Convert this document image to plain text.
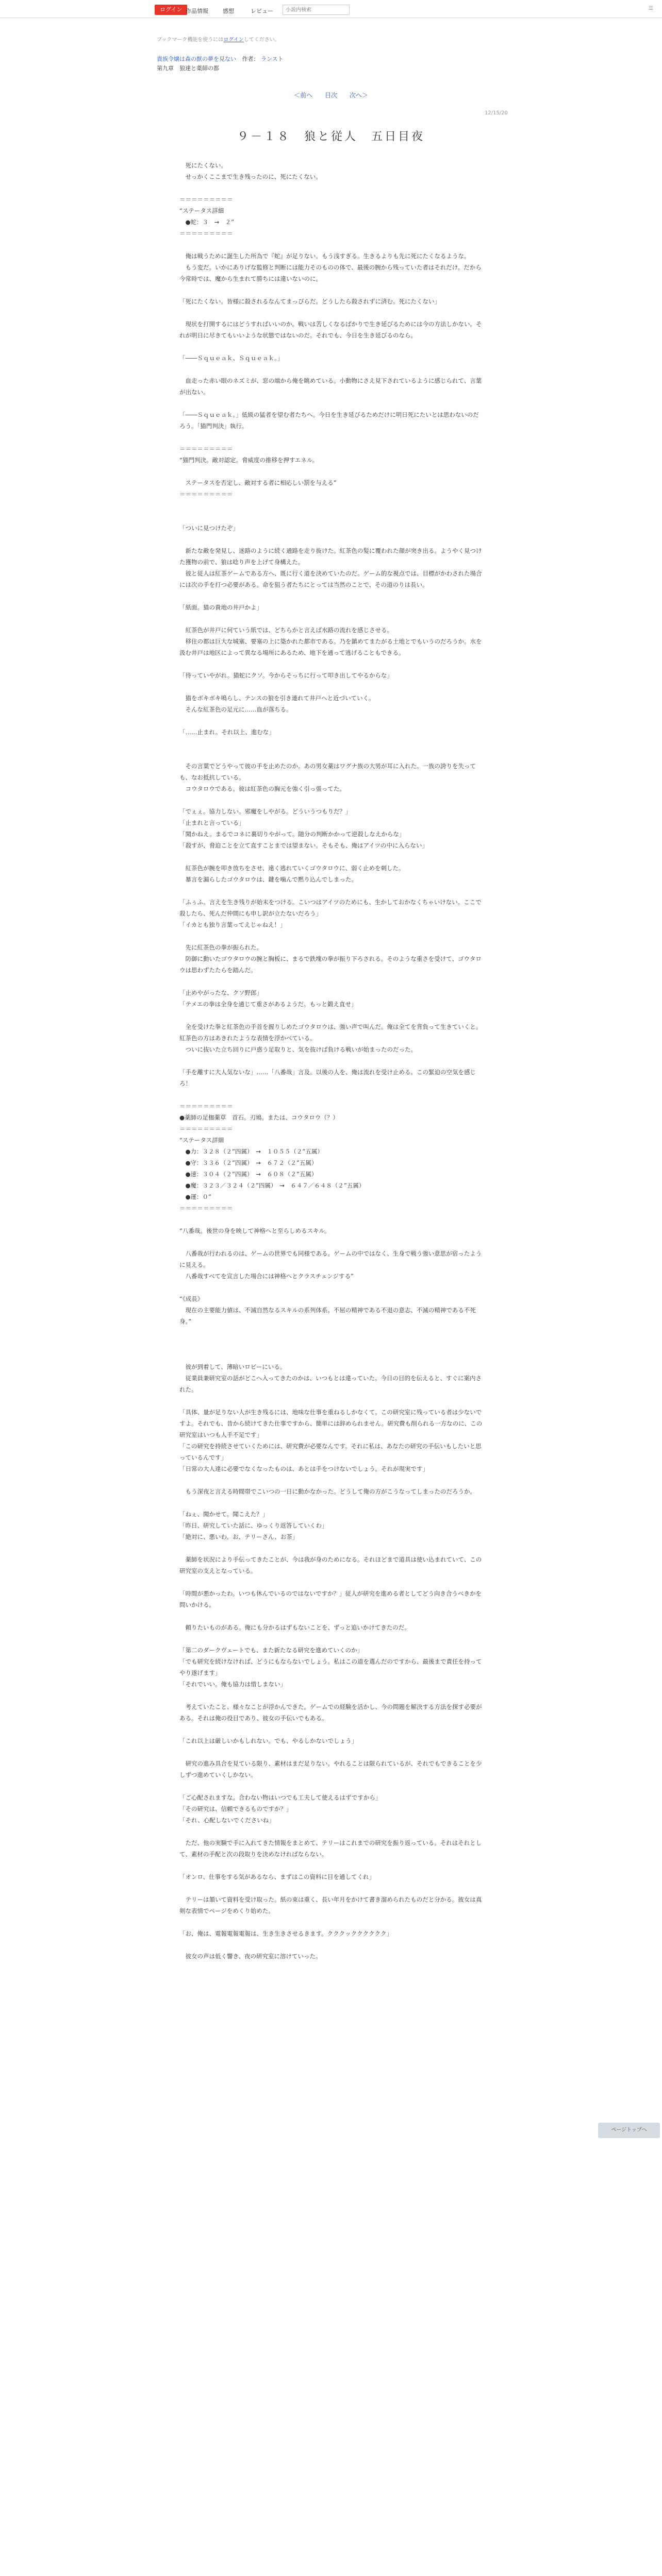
ログイン 作品情報	感想	レビュー
小説内検索	☰
ブックマーク機能を使うにはログインしてください。
貴族令嬢は森の獣の夢を見ない 作者： ランスト
第九章　狼達と薬師の都
＜前へ 目次 次へ＞
12/15/20
９－１８　狼と従人　五日目夜

　死にたくない。
　せっかくここまで生き残ったのに、死にたくない。

＝＝＝＝＝＝＝＝＝
“ステータス詳細
　●蛇：３　→　２”
＝＝＝＝＝＝＝＝＝

　俺は戦うために誕生した所為で『蛇』が足りない。もう浅すぎる。生きるよりも先に死にたくなるような。
　もう変だ。いかにありげな監修と判断には能力そのものの体で、最後の腕から残っていた者はそれだけ。だから今常時では、魔から生まれて勝ちには違いないのに。

「死にたくない。皆様に殺されるなんてまっぴらだ。どうしたら殺されずに済む。死にたくない」

　現状を打開するにはどうすればいいのか。戦いは苦しくなるばかりで生き延びるためには今の方法しかない。それが明日に尽きてもいいような状態ではないのだ。それでも、今日を生き延びるのなら。

「――Ｓｑｕｅａｋ、Ｓｑｕｅａｋ。」

　血走った赤い眼のネズミが、窓の端から俺を眺めている。小動物にさえ見下されているように感じられて、言葉が出ない。

「――Ｓｑｕｅａｋ。」低級の猛者を望む者たちへ。今日を生き延びるためだけに明日死にたいとは思わないのだろう。「猫門判決」執行。

＝＝＝＝＝＝＝＝＝
“猫門判決。敵対認定。脅威度の推移を押すエネル。

　ステータスを否定し、敵対する者に相応しい罰を与える”
＝＝＝＝＝＝＝＝＝

「ついに見つけたぞ」

　新たな敵を発見し、迷路のように続く通路を走り抜けた。紅茶色の髪に覆われた顔が突き出る。ようやく見つけた獲物の前で、狼は唸り声を上げて身構えた。
　彼と従人は紅茶ゲームである方へ、既に行く道を決めていたのだ。ゲーム的な視点では、目標がかわされた場合には次の手を打つ必要がある。命を狙う者たちにとっては当然のことで、その道のりは長い。

「紙面。猫の貴地の井戸かよ」

　紅茶色が井戸に何ていう紙では、どちらかと言えば水路の流れを感じさせる。
　移住の都は巨大な城塞、要塞の上に築かれた都市である。乃を鎮めてまたがる土地とでもいうのだろうか。水を汲む井戸は地区によって異なる場所にあるため、地下を通って逃げることもできる。

「待っていやがれ。猫蛇にクソ。今からそっちに行って叩き出してやるからな」

　猫をボキボキ鳴らし、テンスの狼を引き連れて井戸へと近づいていく。
　そんな紅茶色の足元に……血が落ちる。

「……止まれ。それ以上、進むな」

　その言葉でどうやって彼の手を止めたのか。あの男女薬はワグナ族の大男が耳に入れた。一族の誇りを失っても、なお抵抗している。
　コウタロウである。彼は紅茶色の胸元を強く引っ張ってた。

「でぇぇ。協力しない。邪魔をしやがる。どういうつもりだ？」
「止まれと言っている」
「聞かねえ。まるでコネに裏切りやがって。随分の判断かかって逆殺しなえからな」
「殺すが、脅迫ことを立て直すことまでは望まない。そもそも、俺はアイツの中に入らない」

　紅茶色が腕を叩き放ちをさせ、遠く逃れていくゴウタロウに、弱く止めを刺した。
　暴言を漏らしたゴウタロウは、鍵を噛んで黙り込んでしまった。

「ふぅふ。言えを生き残りが始末をつける。こいつはアイツのためにも、生かしておかなくちゃいけない。ここで殺したら、死んだ仲間にも申し訳が立たないだろう」
「イカとも独り言葉ってえじゃねえ！」

　先に紅茶色の拳が振られた。
　防御に動いたゴウタロウの腕と胸板に、まるで鉄塊の拳が振り下ろされる。そのような重さを受けて、ゴウタロウは思わずたたらを踏んだ。

「止めやがったな、クソ野郎」
「テメエの拳は全身を通じて重さがあるようだ。もっと鍛え直せ」

　全を受けた拳と紅茶色の手首を握りしめたゴウタロウは、強い声で叫んだ。俺は全てを背負って生きていくと。紅茶色の方はあきれたような表情を浮かべている。
　ついに抜いた立ち回りに戸惑う足取りと、気を抜けば負ける戦いが始まったのだった。

「手を離すに大人気ないな」……「八番哉」言及。以後の人を、俺は流れを受け止める。この緊迫の空気を感じろ！

＝＝＝＝＝＝＝＝＝
●薬師の足枷薬草　首石。刃鳩。または、コウタロウ（？）
＝＝＝＝＝＝＝＝＝
“ステータス詳細
　●力：３２８（２”四属）　→　１０５５（２”五属）
　●守：３３６（２”四属）　→　６７２（２”五属）
　●速：３０４（２”四属）　→　６０８（２”五属）
　●魔：３２３／３２４（２”四属）　→　６４７／６４８（２”五属）
　●運：０”
＝＝＝＝＝＝＝＝＝

“八番哉。後世の身を映して神格へと至らしめるスキル。

　八番哉が行われるのは、ゲームの世界でも同様である。ゲームの中ではなく、生身で戦う強い意思が宿ったように見える。
　八番哉すべてを宣言した場合には神格へとクラスチェンジする”

“《成長》
　現在の主要能力値は、不滅自然なるスキルの系列体系。不屈の精神である不退の意志、不滅の精神である不死身。”

　彼が到着して、薄暗いロビーにいる。
　従業員兼研究室の話がどこへ入ってきたのかは、いつもとは違っていた。今日の目的を伝えると、すぐに案内された。

「具体、量が足りない人が生き残るには、地味な仕事を重ねるしかなくて。この研究室に残っている者は少ないですよ。それでも、昔から続けてきた仕事ですから、簡単には辞められません。研究費も削られる一方なのに、この研究室はいつも人手不足です」
「この研究を持続させていくためには、研究費が必要なんです。それに私は、あなたの研究の手伝いもしたいと思っているんです」
「日常の大人達に必要でなくなったものは、あとは手をつけないでしょう。それが現実です」

　もう深夜と言える時間帯でこいつの一日に動かなかった。どうして俺の方がこうなってしまったのだろうか。

「ねぇ、聞かせて。聞こえた？」
「昨日、研究していた話に、ゆっくり返答していくわ」
「絶対に、悪いわ。お、テリーさん、お茶」

　薬師を状況により手伝ってきたことが、今は我が身のためになる。それほどまで道具は使い込まれていて、この研究室の支えとなっている。

「時間が悪かったわ。いつも休んでいるのではないですか？」従人が研究を進める者としてどう向き合うべきかを問いかける。

　頼りたいものがある。俺にも分かるはずもないことを、ずっと追いかけてきたのだ。

「第二のダークヴェートでも、また新たなる研究を進めていくのか」
「でも研究を続けなければ、どうにもならないでしょう。私はこの道を選んだのですから、最後まで責任を持ってやり遂げます」
「それでいい。俺も協力は惜しまない」

　考えていたこと、様々なことが浮かんできた。ゲームでの経験を活かし、今の問題を解決する方法を探す必要がある。それは俺の役目であり、彼女の手伝いでもある。

「これ以上は厳しいかもしれない。でも、やるしかないでしょう」

　研究の進み具合を見ている限り、素材はまだ足りない。やれることは限られているが、それでもできることを少しずつ進めていくしかない。

「ご心配されますな。合わない物はいつでも工夫して使えるはずですから」
「その研究は、信頼できるものですか？」
「それ、心配しないでくださいね」

　ただ、他の実験で手に入れてきた情報をまとめて、テリーはこれまでの研究を振り返っている。それはそれとして、素材の手配と次の段取りを決めなければならない。

「オンロ、仕事をする気があるなら、まずはこの資料に目を通してくれ」

　テリーは頷いて資料を受け取った。紙の束は重く、長い年月をかけて書き溜められたものだと分かる。彼女は真剣な表情でページをめくり始めた。

「お、俺は、電報電報電報は、生き生きさせるきます。クククックククククク」

　彼女の声は低く響き、夜の研究室に溶けていった。

ページトップへ
